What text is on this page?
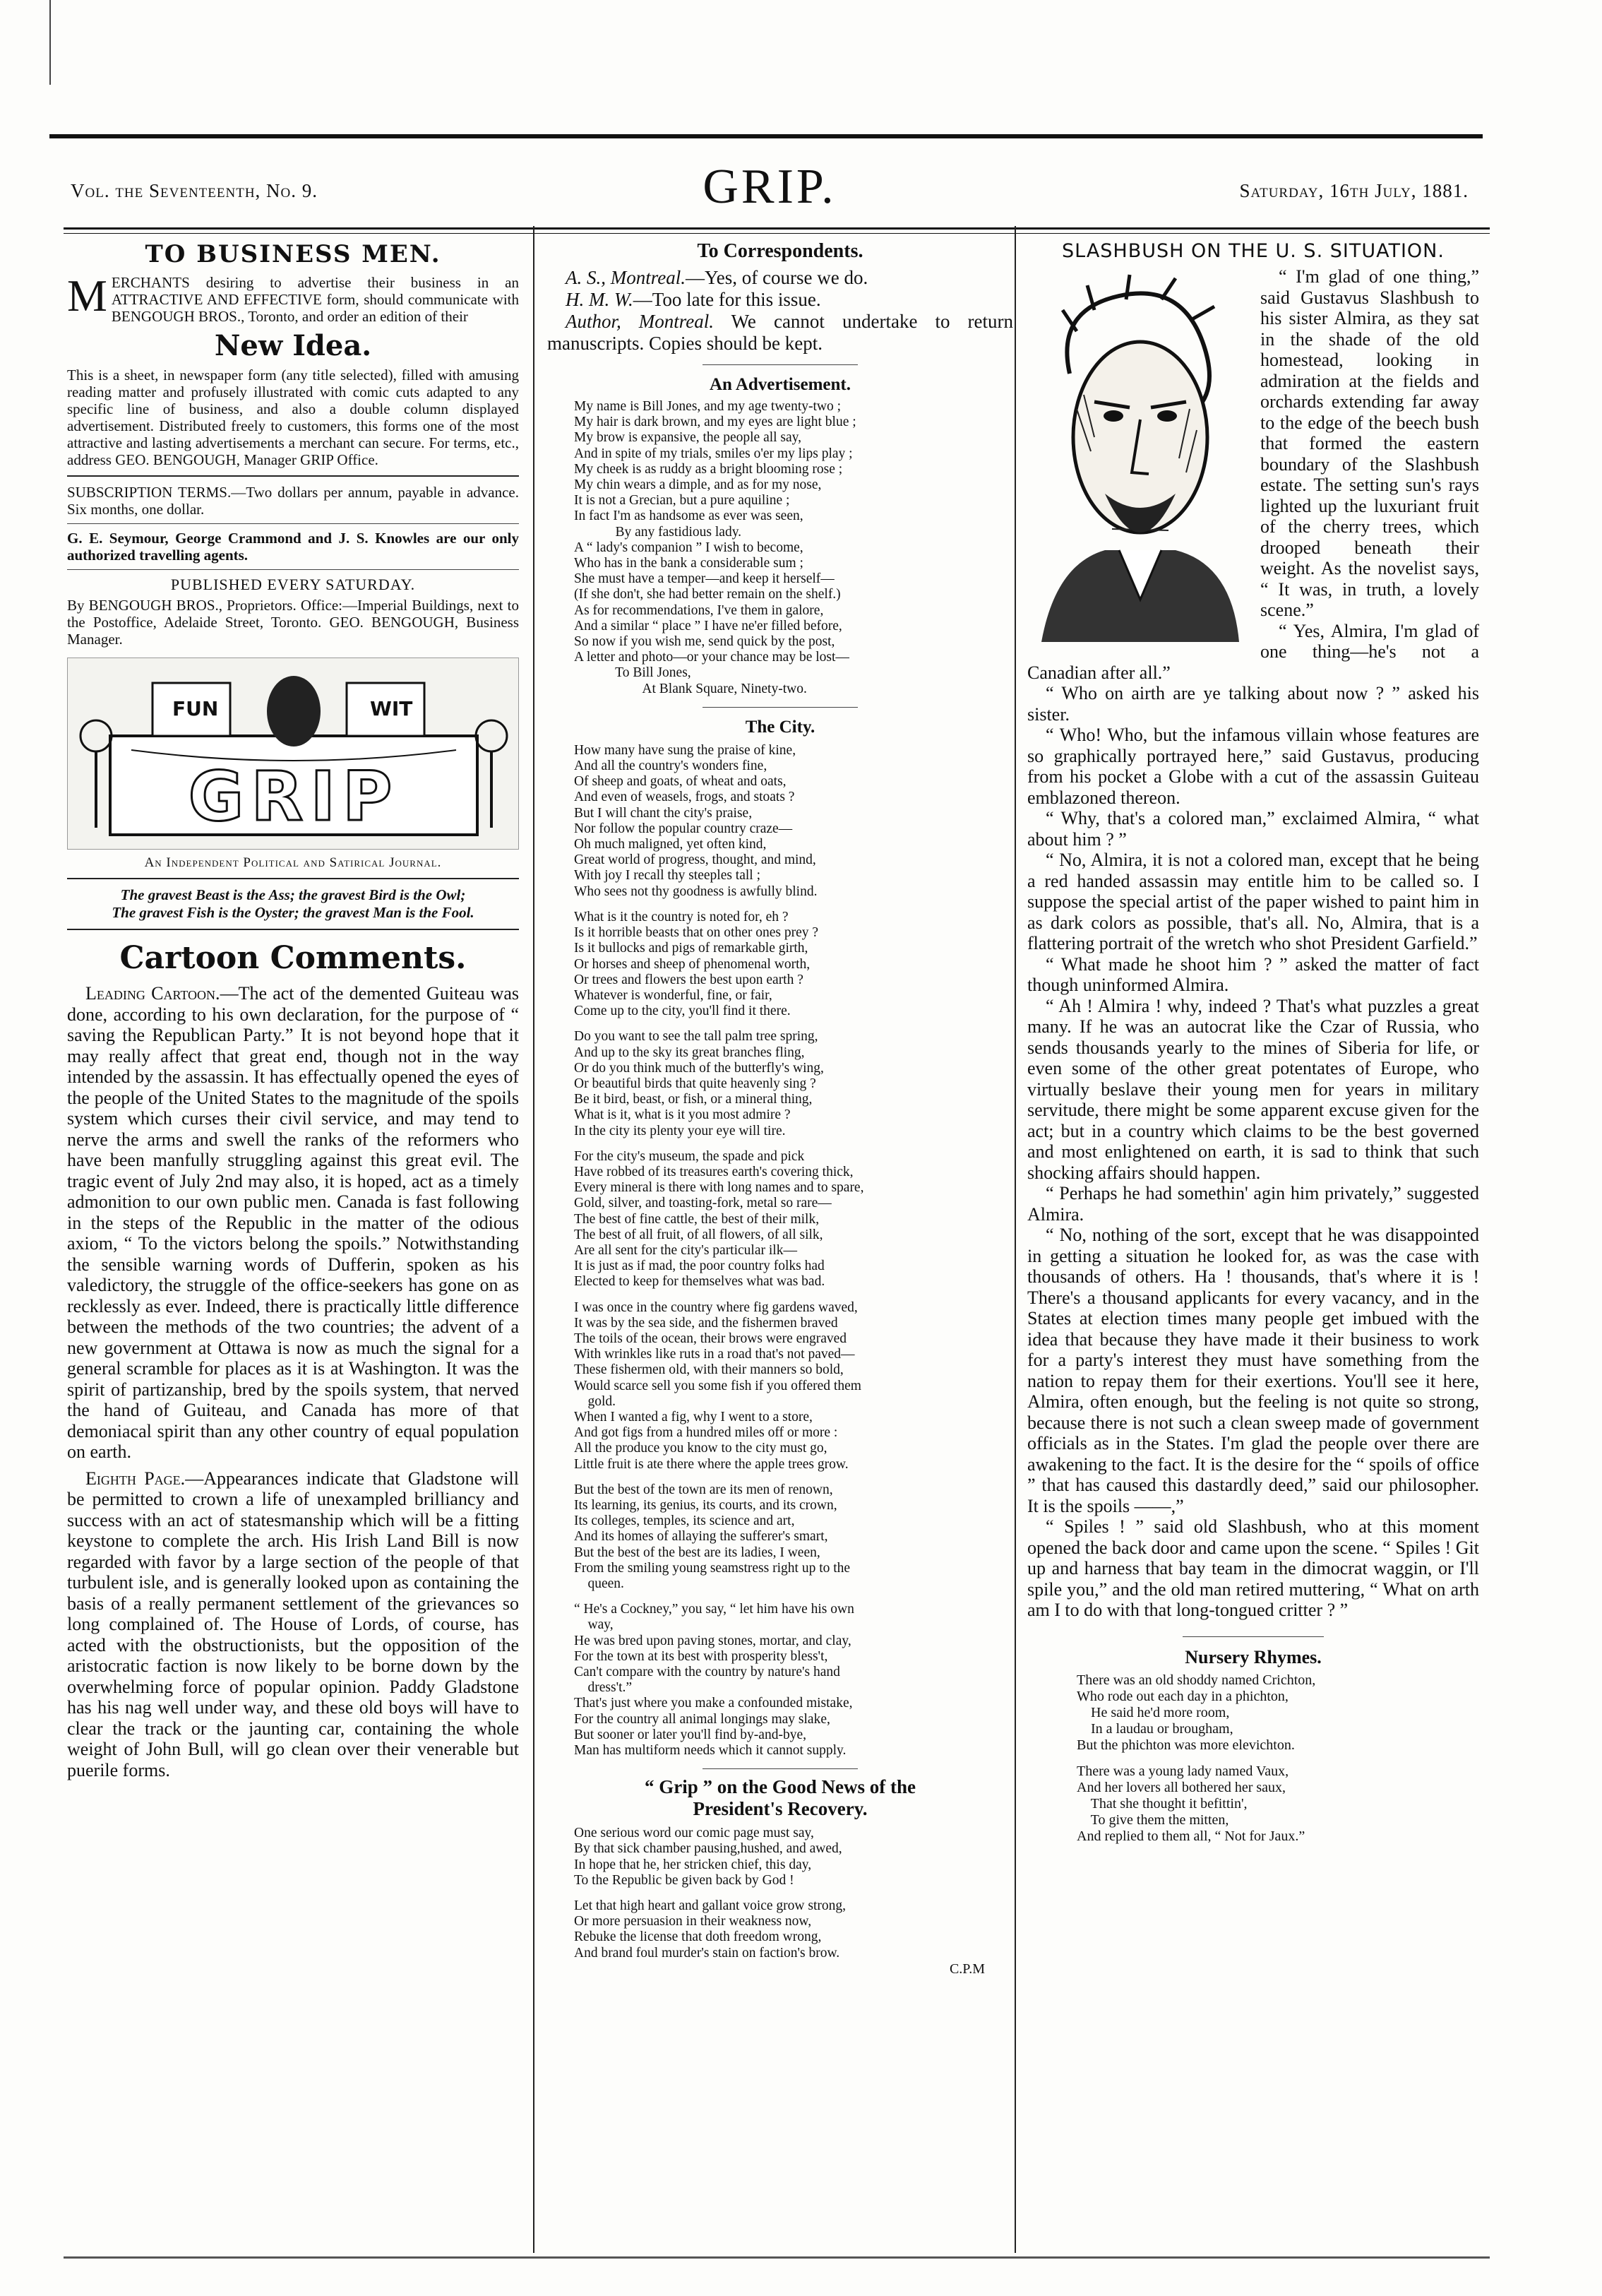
Vol. the Seventeenth, No. 9.	GRIP.	Saturday, 16th July, 1881.
TO BUSINESS MEN.
MERCHANTS desiring to advertise their business in an ATTRACTIVE AND EFFECTIVE form, should communicate with BENGOUGH BROS., Toronto, and order an edition of their
New Idea.
This is a sheet, in newspaper form (any title selected), filled with amusing reading matter and profusely illustrated with comic cuts adapted to any specific line of business, and also a double column displayed advertisement. Distributed freely to customers, this forms one of the most attractive and lasting advertisements a merchant can secure. For terms, etc., address GEO. BENGOUGH, Manager GRIP Office.
SUBSCRIPTION TERMS.—Two dollars per annum, payable in advance. Six months, one dollar.
G. E. Seymour, George Crammond and J. S. Knowles are our only authorized travelling agents.
PUBLISHED EVERY SATURDAY.
By BENGOUGH BROS., Proprietors. Office:—Imperial Buildings, next to the Postoffice, Adelaide Street, Toronto. GEO. BENGOUGH, Business Manager.
FUN	WIT
GRIP
An Independent Political and Satirical Journal.
The gravest Beast is the Ass; the gravest Bird is the Owl;
The gravest Fish is the Oyster; the gravest Man is the Fool.
Cartoon Comments.

Leading Cartoon.—The act of the demented Guiteau was done, according to his own declaration, for the purpose of “ saving the Republican Party.” It is not beyond hope that it may really affect that great end, though not in the way intended by the assassin. It has effectually opened the eyes of the people of the United States to the magnitude of the spoils system which curses their civil service, and may tend to nerve the arms and swell the ranks of the reformers who have been manfully struggling against this great evil. The tragic event of July 2nd may also, it is hoped, act as a timely admonition to our own public men. Canada is fast following in the steps of the Republic in the matter of the odious axiom, “ To the victors belong the spoils.” Notwithstanding the sensible warning words of Dufferin, spoken as his valedictory, the struggle of the office-seekers has gone on as recklessly as ever. Indeed, there is practically little difference between the methods of the two countries; the advent of a new government at Ottawa is now as much the signal for a general scramble for places as it is at Washington. It was the spirit of partizanship, bred by the spoils system, that nerved the hand of Guiteau, and Canada has more of that demoniacal spirit than any other country of equal population on earth.

Eighth Page.—Appearances indicate that Gladstone will be permitted to crown a life of unexampled brilliancy and success with an act of statesmanship which will be a fitting keystone to complete the arch. His Irish Land Bill is now regarded with favor by a large section of the people of that turbulent isle, and is generally looked upon as containing the basis of a really permanent settlement of the grievances so long complained of. The House of Lords, of course, has acted with the obstructionists, but the opposition of the aristocratic faction is now likely to be borne down by the overwhelming force of popular opinion. Paddy Gladstone has his nag well under way, and these old boys will have to clear the track or the jaunting car, containing the whole weight of John Bull, will go clean over their venerable but puerile forms.

To Correspondents.

A. S., Montreal.—Yes, of course we do.

H. M. W.—Too late for this issue.

Author, Montreal. We cannot undertake to return manuscripts. Copies should be kept.

An Advertisement.
My name is Bill Jones, and my age twenty-two ;
My hair is dark brown, and my eyes are light blue ;
My brow is expansive, the people all say,
And in spite of my trials, smiles o'er my lips play ;
My cheek is as ruddy as a bright blooming rose ;
My chin wears a dimple, and as for my nose,
It is not a Grecian, but a pure aquiline ;
In fact I'm as handsome as ever was seen,
By any fastidious lady.
A “ lady's companion ” I wish to become,
Who has in the bank a considerable sum ;
She must have a temper—and keep it herself—
(If she don't, she had better remain on the shelf.)
As for recommendations, I've them in galore,
And a similar “ place ” I have ne'er filled before,
So now if you wish me, send quick by the post,
A letter and photo—or your chance may be lost—
To Bill Jones,
At Blank Square, Ninety-two.
The City.
How many have sung the praise of kine,
And all the country's wonders fine,
Of sheep and goats, of wheat and oats,
And even of weasels, frogs, and stoats ?
But I will chant the city's praise,
Nor follow the popular country craze—
Oh much maligned, yet often kind,
Great world of progress, thought, and mind,
With joy I recall thy steeples tall ;
Who sees not thy goodness is awfully blind.
What is it the country is noted for, eh ?
Is it horrible beasts that on other ones prey ?
Is it bullocks and pigs of remarkable girth,
Or horses and sheep of phenomenal worth,
Or trees and flowers the best upon earth ?
Whatever is wonderful, fine, or fair,
Come up to the city, you'll find it there.
Do you want to see the tall palm tree spring,
And up to the sky its great branches fling,
Or do you think much of the butterfly's wing,
Or beautiful birds that quite heavenly sing ?
Be it bird, beast, or fish, or a mineral thing,
What is it, what is it you most admire ?
In the city its plenty your eye will tire.
For the city's museum, the spade and pick
Have robbed of its treasures earth's covering thick,
Every mineral is there with long names and to spare,
Gold, silver, and toasting-fork, metal so rare—
The best of fine cattle, the best of their milk,
The best of all fruit, of all flowers, of all silk,
Are all sent for the city's particular ilk—
It is just as if mad, the poor country folks had
Elected to keep for themselves what was bad.
I was once in the country where fig gardens waved,
It was by the sea side, and the fishermen braved
The toils of the ocean, their brows were engraved
With wrinkles like ruts in a road that's not paved—
These fishermen old, with their manners so bold,
Would scarce sell you some fish if you offered them
gold.
When I wanted a fig, why I went to a store,
And got figs from a hundred miles off or more :
All the produce you know to the city must go,
Little fruit is ate there where the apple trees grow.
But the best of the town are its men of renown,
Its learning, its genius, its courts, and its crown,
Its colleges, temples, its science and art,
And its homes of allaying the sufferer's smart,
But the best of the best are its ladies, I ween,
From the smiling young seamstress right up to the
queen.
“ He's a Cockney,” you say, “ let him have his own
way,
He was bred upon paving stones, mortar, and clay,
For the town at its best with prosperity bless't,
Can't compare with the country by nature's hand
dress't.”
That's just where you make a confounded mistake,
For the country all animal longings may slake,
But sooner or later you'll find by-and-bye,
Man has multiform needs which it cannot supply.
“ Grip ” on the Good News of the
President's Recovery.
One serious word our comic page must say,
By that sick chamber pausing,hushed, and awed,
In hope that he, her stricken chief, this day,
To the Republic be given back by God !
Let that high heart and gallant voice grow strong,
Or more persuasion in their weakness now,
Rebuke the license that doth freedom wrong,
And brand foul murder's stain on faction's brow.
C.P.M
SLASHBUSH ON THE U. S. SITUATION.

“ I'm glad of one thing,” said Gustavus Slashbush to his sister Almira, as they sat in the shade of the old homestead, looking in admiration at the fields and orchards extending far away to the edge of the beech bush that formed the eastern boundary of the Slashbush estate. The setting sun's rays lighted up the luxuriant fruit of the cherry trees, which drooped beneath their weight. As the novelist says, “ It was, in truth, a lovely scene.”

“ Yes, Almira, I'm glad of one thing—he's not a Canadian after all.”

“ Who on airth are ye talking about now ? ” asked his sister.

“ Who! Who, but the infamous villain whose features are so graphically portrayed here,” said Gustavus, producing from his pocket a Globe with a cut of the assassin Guiteau emblazoned thereon.

“ Why, that's a colored man,” exclaimed Almira, “ what about him ? ”

“ No, Almira, it is not a colored man, except that he being a red handed assassin may entitle him to be called so. I suppose the special artist of the paper wished to paint him in as dark colors as possible, that's all. No, Almira, that is a flattering portrait of the wretch who shot President Garfield.”

“ What made he shoot him ? ” asked the matter of fact though uninformed Almira.

“ Ah ! Almira ! why, indeed ? That's what puzzles a great many. If he was an autocrat like the Czar of Russia, who sends thousands yearly to the mines of Siberia for life, or even some of the other great potentates of Europe, who virtually beslave their young men for years in military servitude, there might be some apparent excuse given for the act; but in a country which claims to be the best governed and most enlightened on earth, it is sad to think that such shocking affairs should happen.

“ Perhaps he had somethin' agin him privately,” suggested Almira.

“ No, nothing of the sort, except that he was disappointed in getting a situation he looked for, as was the case with thousands of others. Ha ! thousands, that's where it is ! There's a thousand applicants for every vacancy, and in the States at election times many people get imbued with the idea that because they have made it their business to work for a party's interest they must have something from the nation to repay them for their exertions. You'll see it here, Almira, often enough, but the feeling is not quite so strong, because there is not such a clean sweep made of government officials as in the States. I'm glad the people over there are awakening to the fact. It is the desire for the “ spoils of office ” that has caused this dastardly deed,” said our philosopher. It is the spoils ——,”

“ Spiles ! ” said old Slashbush, who at this moment opened the back door and came upon the scene. “ Spiles ! Git up and harness that bay team in the dimocrat waggin, or I'll spile you,” and the old man retired muttering, “ What on arth am I to do with that long-tongued critter ? ”

Nursery Rhymes.
There was an old shoddy named Crichton,
Who rode out each day in a phichton,
He said he'd more room,
In a laudau or brougham,
But the phichton was more elevichton.
There was a young lady named Vaux,
And her lovers all bothered her saux,
That she thought it befittin',
To give them the mitten,
And replied to them all, “ Not for Jaux.”
